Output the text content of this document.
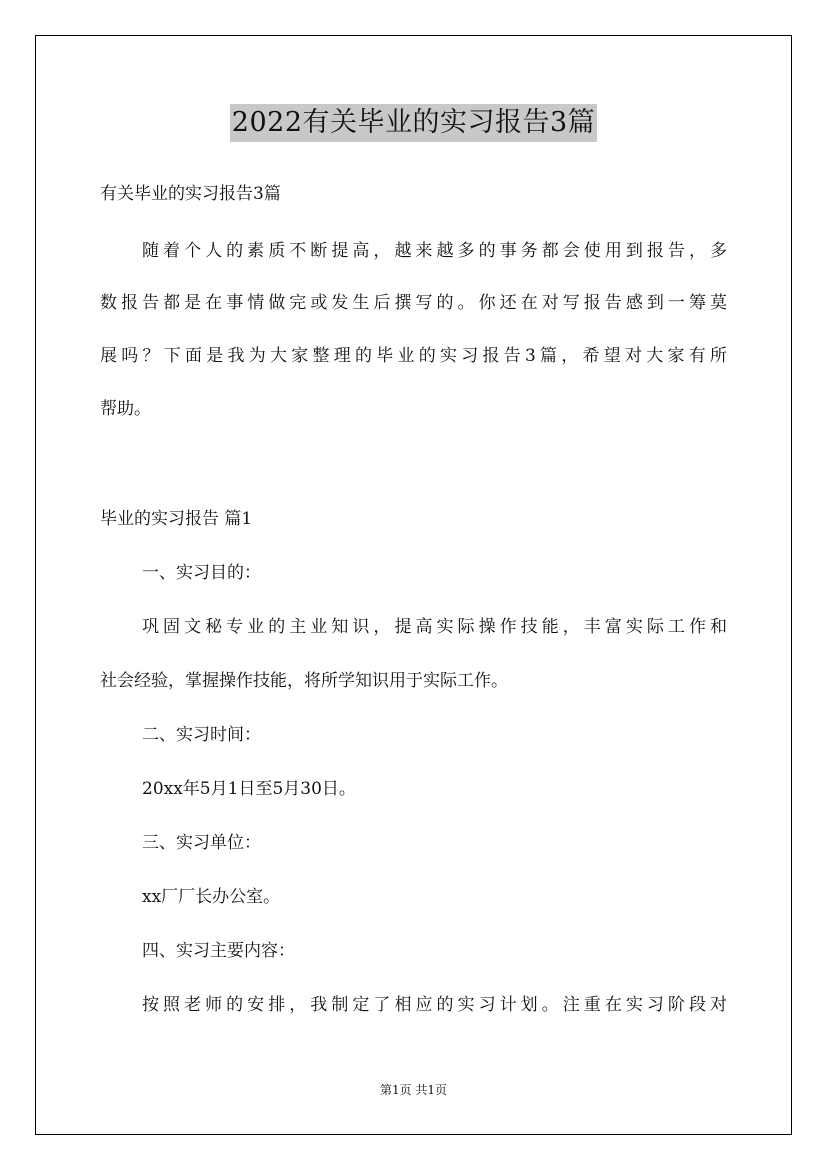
2022有关毕业的实习报告3篇
有关毕业的实习报告3篇
随着个人的素质不断提高，越来越多的事务都会使用到报告，多
数报告都是在事情做完或发生后撰写的。你还在对写报告感到一筹莫
展吗？下面是我为大家整理的毕业的实习报告3篇，希望对大家有所
帮助。
毕业的实习报告 篇1
一、实习目的：
巩固文秘专业的主业知识，提高实际操作技能，丰富实际工作和
社会经验，掌握操作技能，将所学知识用于实际工作。
二、实习时间：
20xx年5月1日至5月30日。
三、实习单位：
xx厂厂长办公室。
四、实习主要内容：
按照老师的安排，我制定了相应的实习计划。注重在实习阶段对
第1页 共1页
